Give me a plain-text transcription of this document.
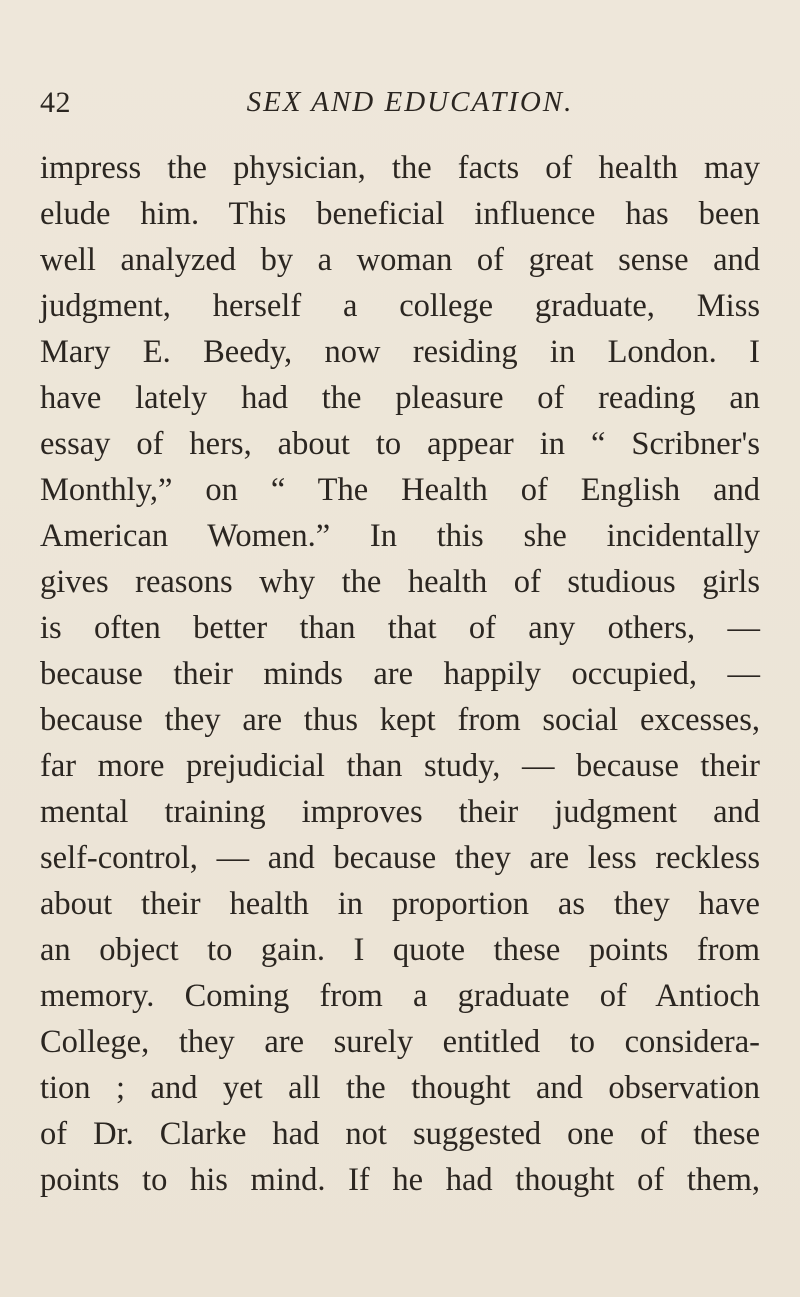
42	SEX AND EDUCATION.
impress the physician, the facts of health may
elude him. This beneficial influence has been
well analyzed by a woman of great sense and
judgment, herself a college graduate, Miss
Mary E. Beedy, now residing in London. I
have lately had the pleasure of reading an
essay of hers, about to appear in “ Scribner's
Monthly,” on “ The Health of English and
American Women.” In this she incidentally
gives reasons why the health of studious girls
is often better than that of any others, —
because their minds are happily occupied, —
because they are thus kept from social excesses,
far more prejudicial than study, — because their
mental training improves their judgment and
self-control, — and because they are less reckless
about their health in proportion as they have
an object to gain. I quote these points from
memory. Coming from a graduate of Antioch
College, they are surely entitled to considera-
tion ; and yet all the thought and observation
of Dr. Clarke had not suggested one of these
points to his mind. If he had thought of them,
